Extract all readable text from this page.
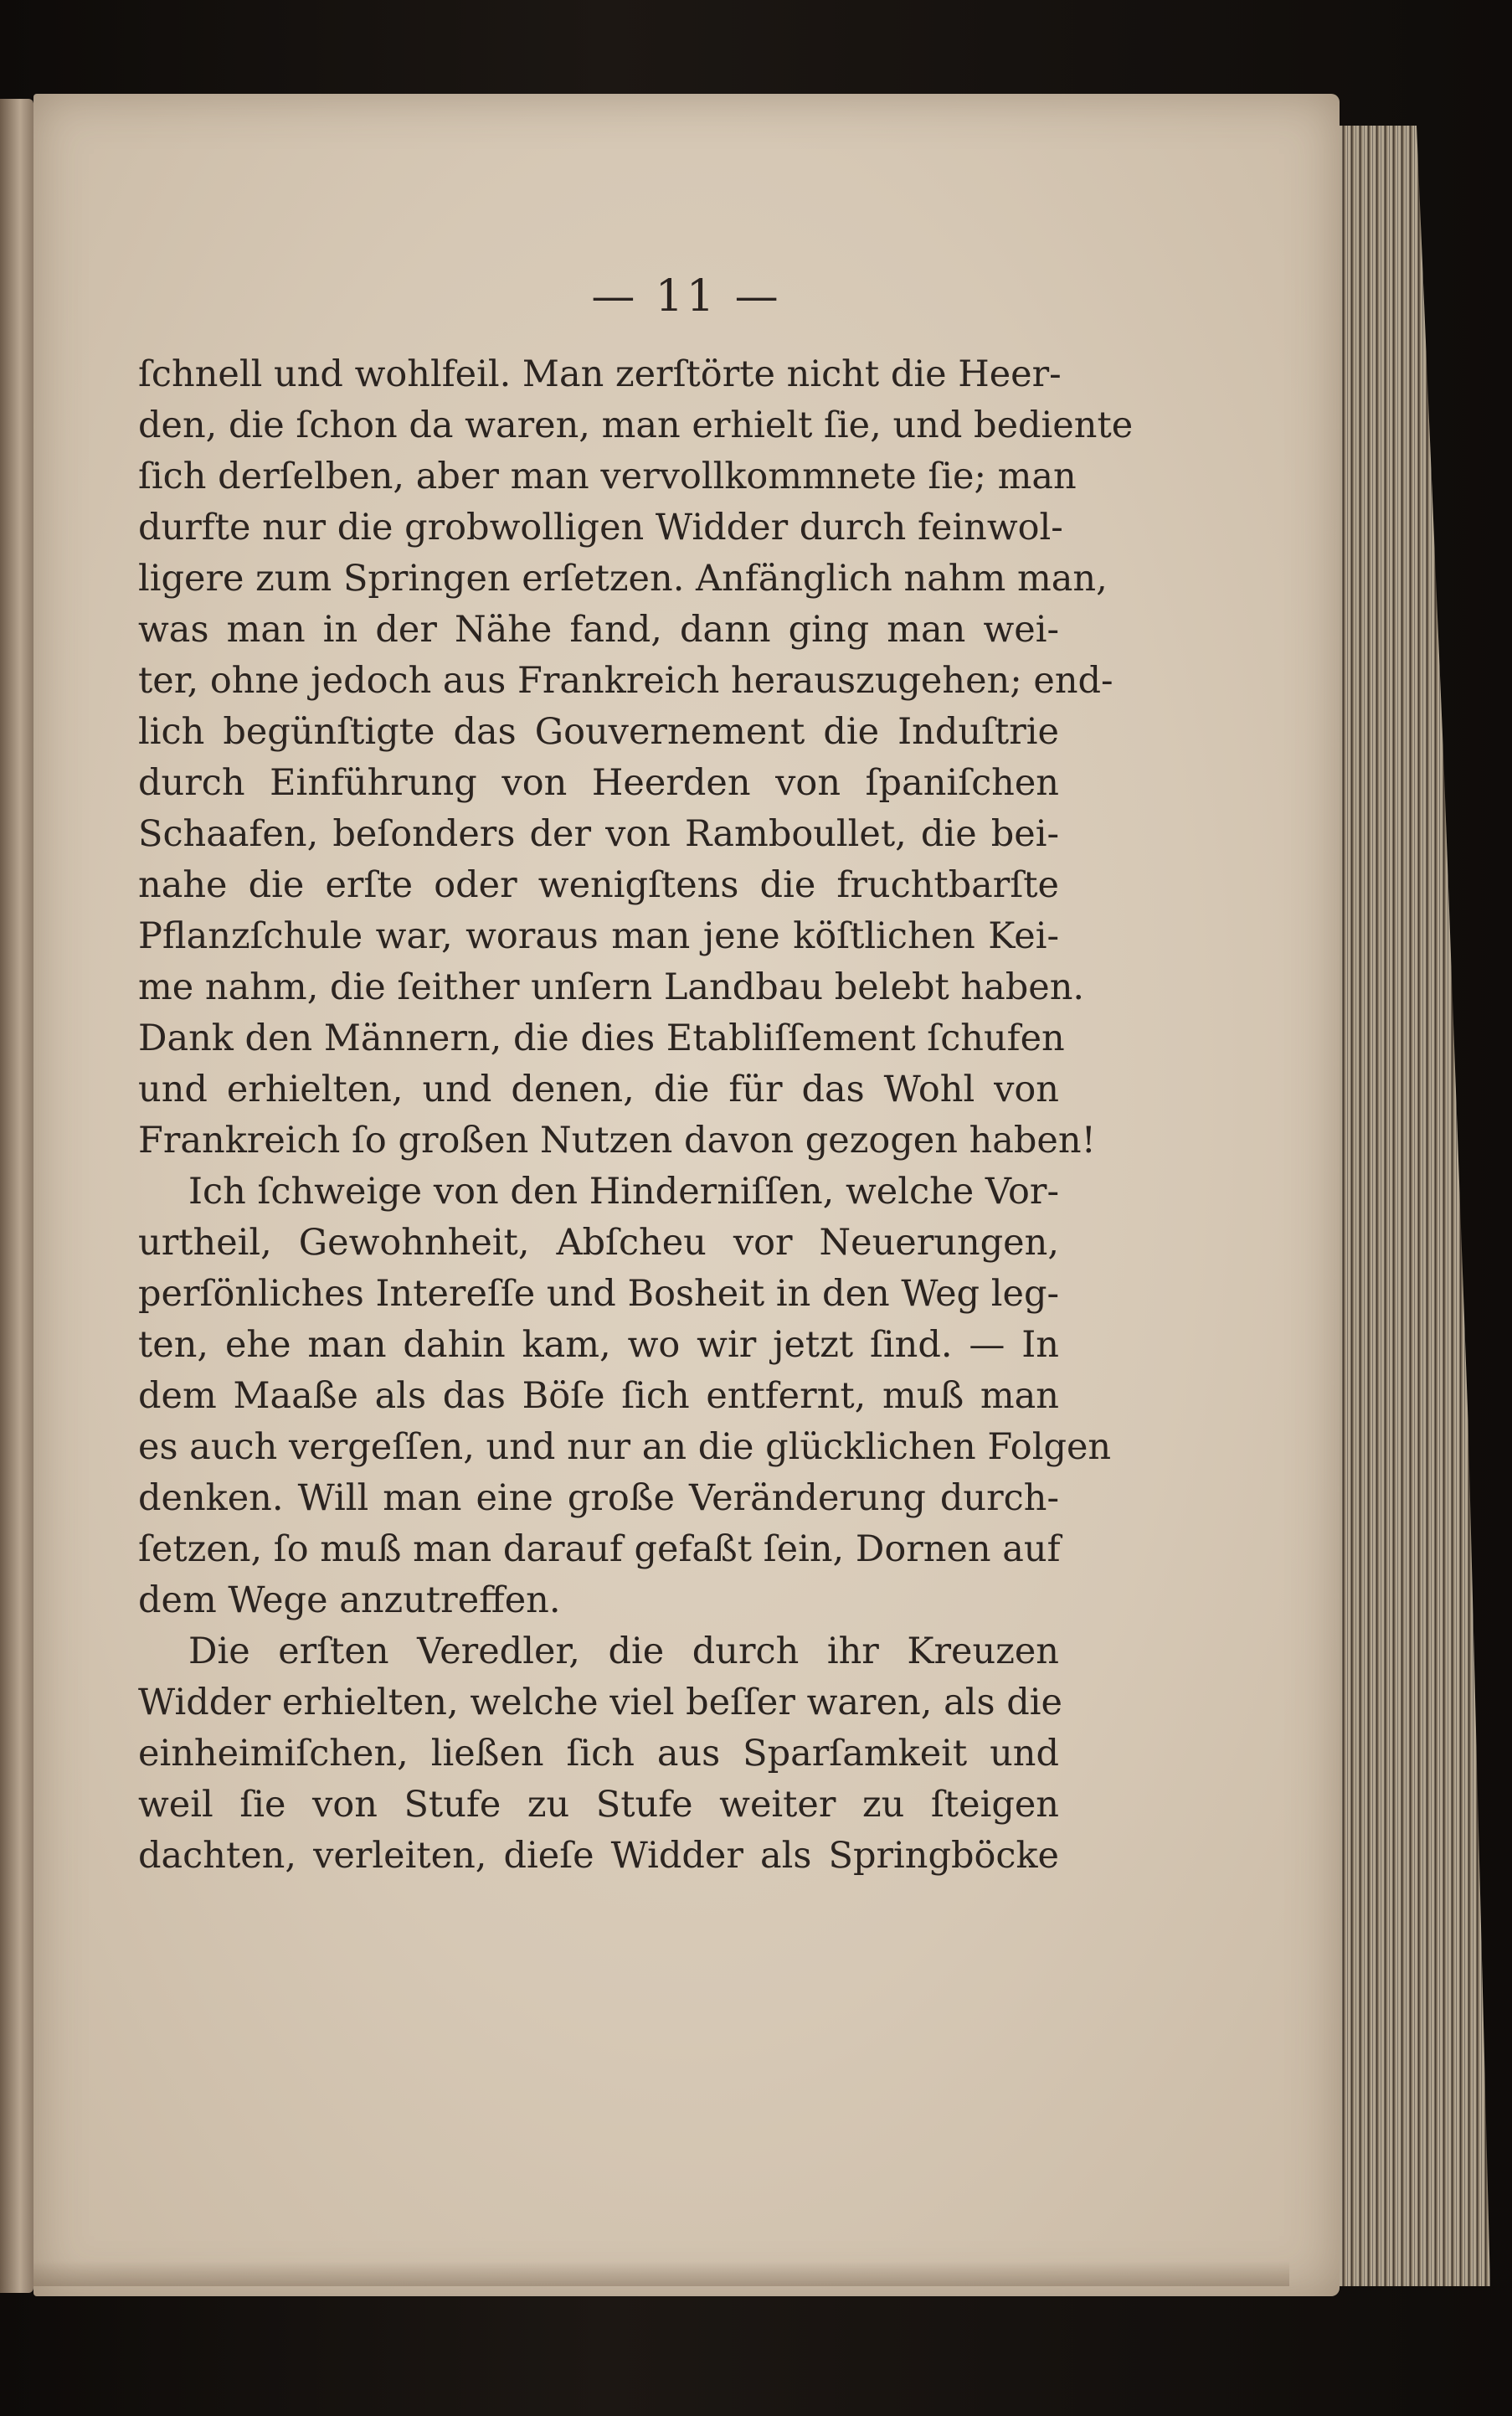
— 11 —
ſchnell und wohlfeil. Man zerſtörte nicht die Heer-
den, die ſchon da waren, man erhielt ſie, und bediente
ſich derſelben, aber man vervollkommnete ſie; man
durfte nur die grobwolligen Widder durch feinwol-
ligere zum Springen erſetzen. Anfänglich nahm man,
was man in der Nähe fand, dann ging man wei-
ter, ohne jedoch aus Frankreich herauszugehen; end-
lich begünſtigte das Gouvernement die Induſtrie
durch Einführung von Heerden von ſpaniſchen
Schaafen, beſonders der von Ramboullet, die bei-
nahe die erſte oder wenigſtens die fruchtbarſte
Pflanzſchule war, woraus man jene köſtlichen Kei-
me nahm, die ſeither unſern Landbau belebt haben.
Dank den Männern, die dies Etabliſſement ſchufen
und erhielten, und denen, die für das Wohl von
Frankreich ſo großen Nutzen davon gezogen haben!
Ich ſchweige von den Hinderniſſen, welche Vor-
urtheil, Gewohnheit, Abſcheu vor Neuerungen,
perſönliches Intereſſe und Bosheit in den Weg leg-
ten, ehe man dahin kam, wo wir jetzt ſind. — In
dem Maaße als das Böſe ſich entfernt, muß man
es auch vergeſſen, und nur an die glücklichen Folgen
denken. Will man eine große Veränderung durch-
ſetzen, ſo muß man darauf gefaßt ſein, Dornen auf
dem Wege anzutreffen.
Die erſten Veredler, die durch ihr Kreuzen
Widder erhielten, welche viel beſſer waren, als die
einheimiſchen, ließen ſich aus Sparſamkeit und
weil ſie von Stufe zu Stufe weiter zu ſteigen
dachten, verleiten, dieſe Widder als Springböcke
